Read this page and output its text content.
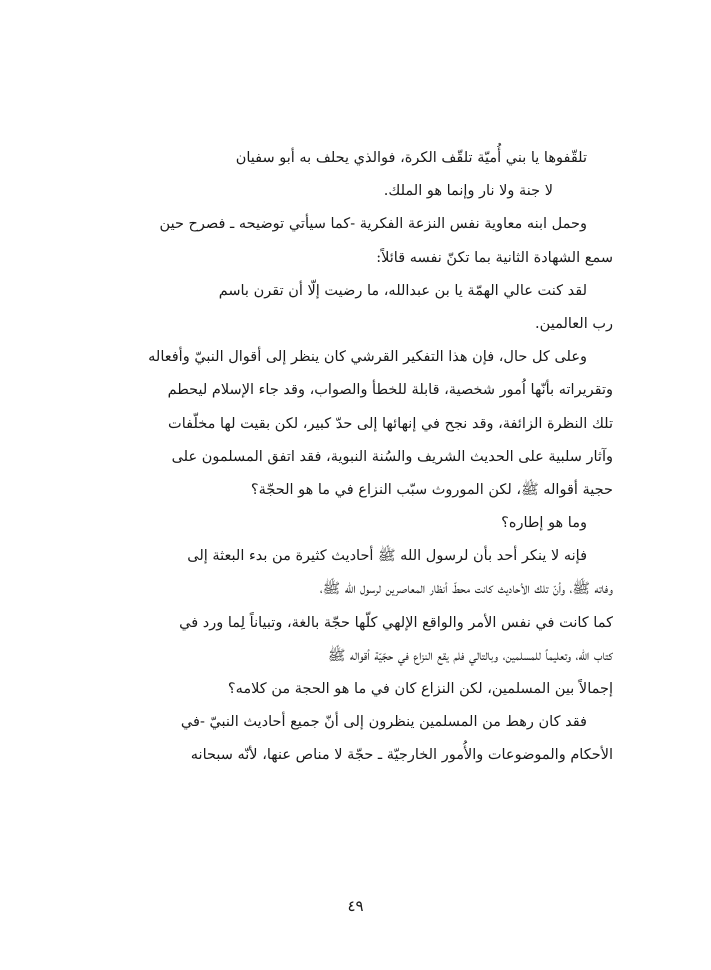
تلقّفوها يا بني أُميّة تلقّف الكرة، فوالذي يحلف به أبو سفيان
لا جنة ولا نار وإنما هو الملك.
وحمل ابنه معاوية نفس النزعة الفكرية -كما سيأتي توضيحه ـ فصرح حين
سمع الشهادة الثانية بما تكنّ نفسه قائلاً:
لقد كنت عالي الهمّة يا بن عبدالله، ما رضيت إلّا أن تقرن باسم
رب العالمين.
وعلى كل حال، فإن هذا التفكير القرشي كان ينظر إلى أقوال النبيّ وأفعاله
وتقريراته بأنّها اُمور شخصية، قابلة للخطأ والصواب، وقد جاء الإسلام ليحطم
تلك النظرة الزائفة، وقد نجح في إنهائها إلى حدّ كبير، لكن بقيت لها مخلّفات
وآثار سلبية على الحديث الشريف والسُنة النبوية، فقد اتفق المسلمون على
حجية أقواله ﷺ، لكن الموروث سبّب النزاع في ما هو الحجّة؟
وما هو إطاره؟
فإنه لا ينكر أحد بأن لرسول الله ﷺ أحاديث كثيرة من بدء البعثة إلى
وفاته ﷺ، وأنّ تلك الأحاديث كانت محطّ أنظار المعاصرين لرسول الله ﷺ،
كما كانت في نفس الأمر والواقع الإلهي كلّها حجّة بالغة، وتبياناً لِما ورد في
كتاب الله، وتعليماً للمسلمين، وبالتالي فلم يقع النزاع في حجّيّة أقواله ﷺ
إجمالاً بين المسلمين، لكن النزاع كان في ما هو الحجة من كلامه؟
فقد كان رهط من المسلمين ينظرون إلى أنّ جميع أحاديث النبيّ -في
الأحكام والموضوعات والأُمور الخارجيّة ـ حجّة لا مناص عنها، لأنّه سبحانه
٤٩
